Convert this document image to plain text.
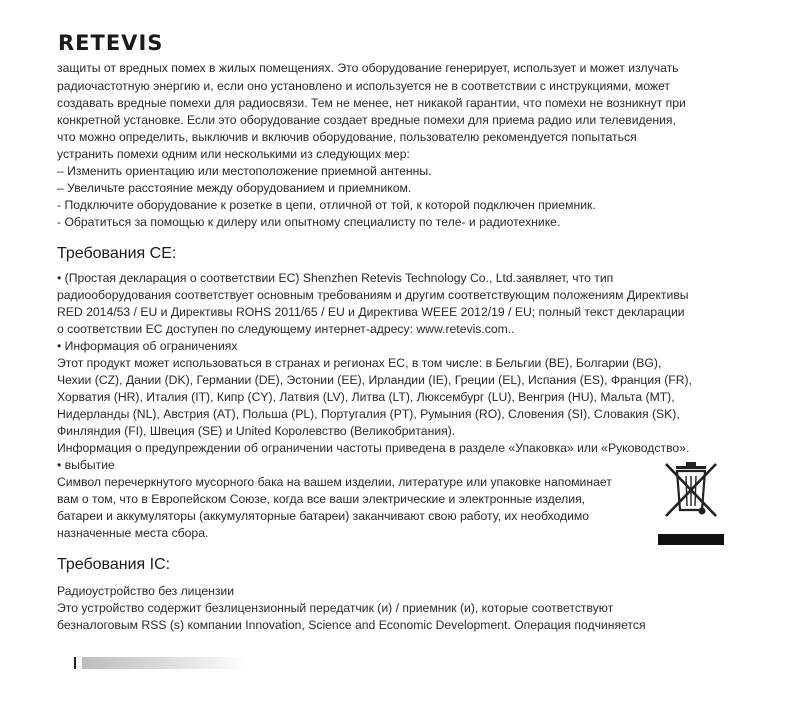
RETEVIS
защиты от вредных помех в жилых помещениях. Это оборудование генерирует, использует и может излучать
радиочастотную энергию и, если оно установлено и используется не в соответствии с инструкциями, может
создавать вредные помехи для радиосвязи. Тем не менее, нет никакой гарантии, что помехи не возникнут при
конкретной установке. Если это оборудование создает вредные помехи для приема радио или телевидения,
что можно определить, выключив и включив оборудование, пользователю рекомендуется попытаться
устранить помехи одним или несколькими из следующих мер:
– Изменить ориентацию или местоположение приемной антенны.
– Увеличьте расстояние между оборудованием и приемником.
- Подключите оборудование к розетке в цепи, отличной от той, к которой подключен приемник.
- Обратиться за помощью к дилеру или опытному специалисту по теле- и радиотехнике.
Требования CE:
• (Простая декларация о соответствии ЕС) Shenzhen Retevis Technology Co., Ltd.заявляет, что тип
радиооборудования соответствует основным требованиям и другим соответствующим положениям Директивы
RED 2014/53 / EU и Директивы ROHS 2011/65 / EU и Директива WEEE 2012/19 / EU; полный текст декларации
о соответствии ЕС доступен по следующему интернет-адресу: www.retevis.com..
• Информация об ограничениях
Этот продукт может использоваться в странах и регионах ЕС, в том числе: в Бельгии (BE), Болгарии (BG),
Чехии (CZ), Дании (DK), Германии (DE), Эстонии (EE), Ирландии (IE), Греции (EL), Испания (ES), Франция (FR),
Хорватия (HR), Италия (IT), Кипр (CY), Латвия (LV), Литва (LT), Люксембург (LU), Венгрия (HU), Мальта (MT),
Нидерланды (NL), Австрия (AT), Польша (PL), Португалия (PT), Румыния (RO), Словения (SI), Словакия (SK),
Финляндия (FI), Швеция (SE) и United Королевство (Великобритания).
Информация о предупреждении об ограничении частоты приведена в разделе «Упаковка» или «Руководство».
• выбытие
Символ перечеркнутого мусорного бака на вашем изделии, литературе или упаковке напоминает
вам о том, что в Европейском Союзе, когда все ваши электрические и электронные изделия,
батареи и аккумуляторы (аккумуляторные батареи) заканчивают свою работу, их необходимо
назначенные места сбора.
Требования IC:
Радиоустройство без лицензии
Это устройство содержит безлицензионный передатчик (и) / приемник (и), которые соответствуют
безналоговым RSS (s) компании Innovation, Science and Economic Development. Операция подчиняется
